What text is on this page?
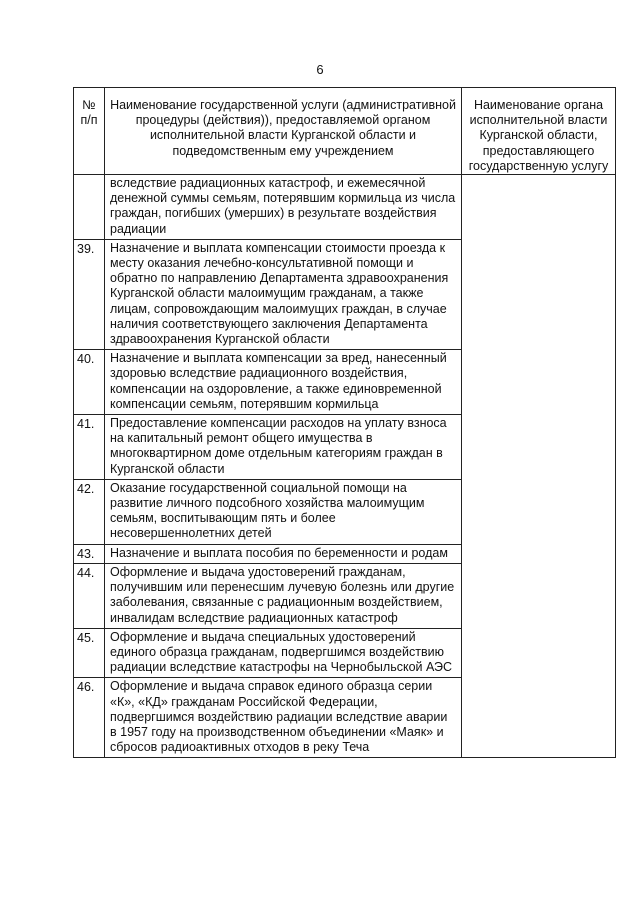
6
№
п/п	Наименование государственной услуги (административной процедуры (действия)), предоставляемой органом исполнительной власти Курганской области и подведомственным ему учреждением	Наименование органа исполнительной власти Курганской области, предоставляющего государственную услугу
	вследствие радиационных катастроф, и ежемесячной денежной суммы семьям, потерявшим кормильца из числа граждан, погибших (умерших) в результате воздействия радиации	
39.	Назначение и выплата компенсации стоимости проезда к месту оказания лечебно-консультативной помощи и обратно по направлению Департамента здравоохранения Курганской области малоимущим гражданам, а также лицам, сопровождающим малоимущих граждан, в случае наличия соответствующего заключения Департамента здравоохранения Курганской области	
40.	Назначение и выплата компенсации за вред, нанесенный здоровью вследствие радиационного воздействия, компенсации на оздоровление, а также единовременной компенсации семьям, потерявшим кормильца	
41.	Предоставление компенсации расходов на уплату взноса на капитальный ремонт общего имущества в многоквартирном доме отдельным категориям граждан в Курганской области	
42.	Оказание государственной социальной помощи на развитие личного подсобного хозяйства малоимущим семьям, воспитывающим пять и более несовершеннолетних детей	
43.	Назначение и выплата пособия по беременности и родам	
44.	Оформление и выдача удостоверений гражданам, получившим или перенесшим лучевую болезнь или другие заболевания, связанные с радиационным воздействием, инвалидам вследствие радиационных катастроф	
45.	Оформление и выдача специальных удостоверений единого образца гражданам, подвергшимся воздействию радиации вследствие катастрофы на Чернобыльской АЭС	
46.	Оформление и выдача справок единого образца серии «К», «КД» гражданам Российской Федерации, подвергшимся воздействию радиации вследствие аварии в 1957 году на производственном объединении «Маяк» и сбросов радиоактивных отходов в реку Теча	
